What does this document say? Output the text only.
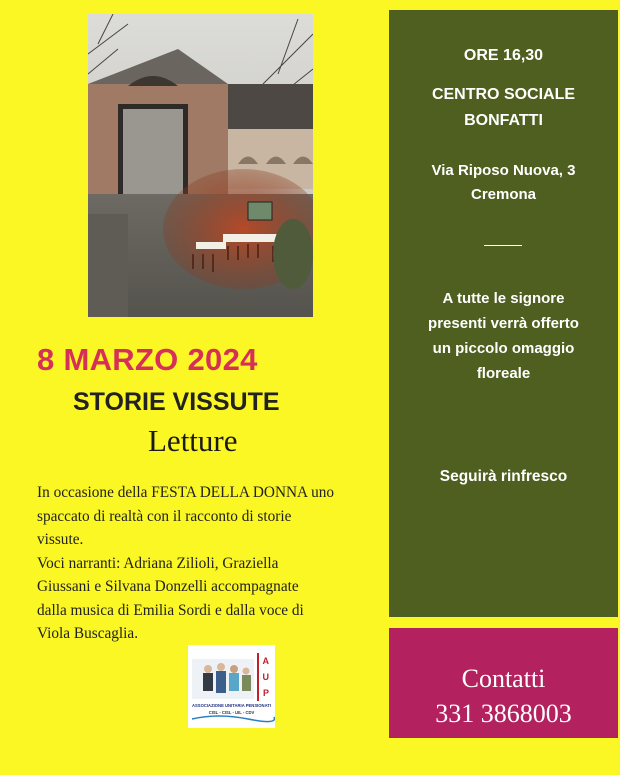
ORE 16,30
CENTRO SOCIALE
BONFATTI
Via Riposo Nuova, 3
Cremona
A tutte le signore
presenti verrà offerto
un piccolo omaggio
floreale
Seguirà rinfresco
Contatti
331 3868003
8 MARZO 2024
STORIE VISSUTE
Letture

In occasione della FESTA DELLA DONNA uno

spaccato di realtà con il racconto di storie

vissute.

Voci narranti: Adriana Zilioli, Graziella

Giussani e Silvana Donzelli accompagnate

dalla musica di Emilia Sordi e dalla voce di

Viola Buscaglia.

A
U
P
ASSOCIAZIONE UNITARIA PENSIONATI
CISL - CISL - UIL - CDV
